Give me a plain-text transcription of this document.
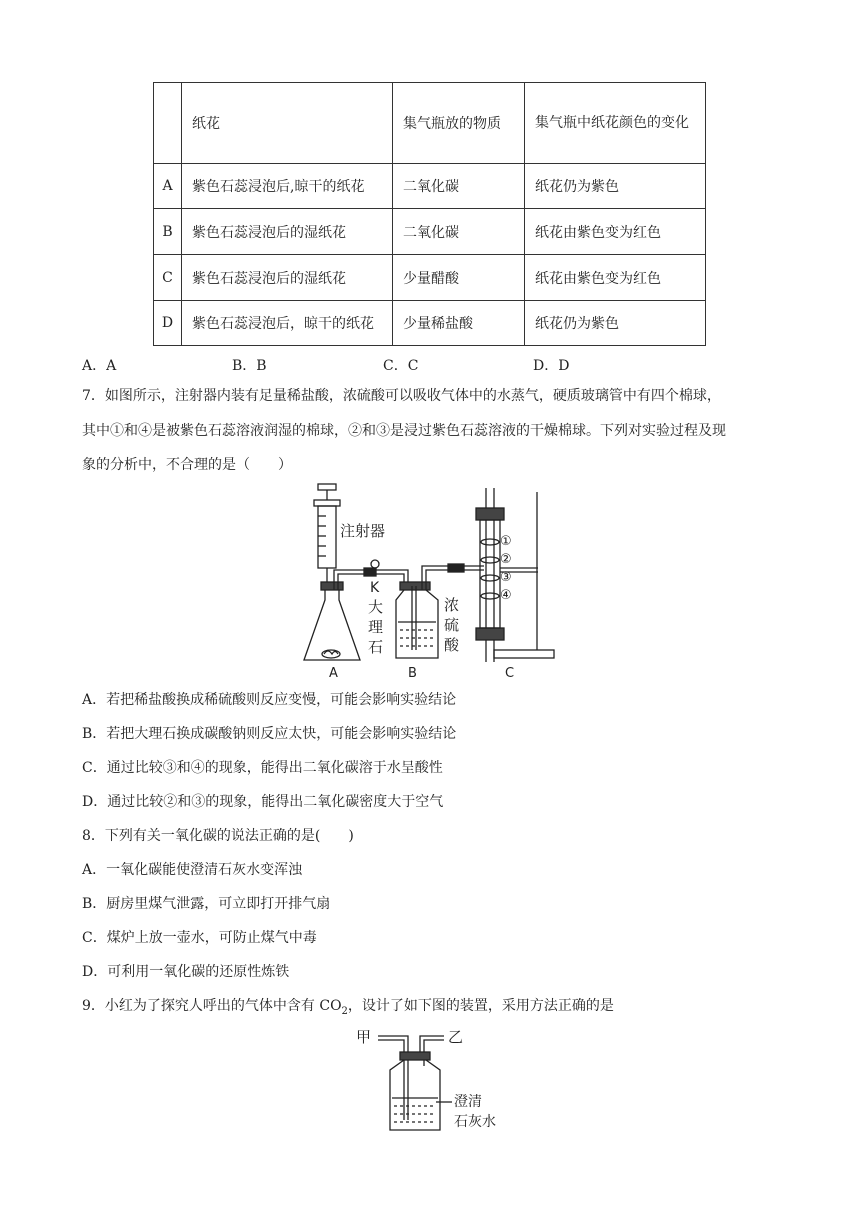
	纸花	集气瓶放的物质	集气瓶中纸花颜色的变化
A	紫色石蕊浸泡后,晾干的纸花	二氧化碳	纸花仍为紫色
B	紫色石蕊浸泡后的湿纸花	二氧化碳	纸花由紫色变为红色
C	紫色石蕊浸泡后的湿纸花	少量醋酸	纸花由紫色变为红色
D	紫色石蕊浸泡后，晾干的纸花	少量稀盐酸	纸花仍为紫色
A．A	B．B	C．C	D．D
7．如图所示，注射器内装有足量稀盐酸，浓硫酸可以吸收气体中的水蒸气，硬质玻璃管中有四个棉球，
其中①和④是被紫色石蕊溶液润湿的棉球，②和③是浸过紫色石蕊溶液的干燥棉球。下列对实验过程及现
象的分析中，不合理的是（　　）
注射器
K
大
理
石
浓
硫
酸
①
②
③
④
A	B	C
A．若把稀盐酸换成稀硫酸则反应变慢，可能会影响实验结论
B．若把大理石换成碳酸钠则反应太快，可能会影响实验结论
C．通过比较③和④的现象，能得出二氧化碳溶于水呈酸性
D．通过比较②和③的现象，能得出二氧化碳密度大于空气
8．下列有关一氧化碳的说法正确的是(　　)
A．一氧化碳能使澄清石灰水变浑浊
B．厨房里煤气泄露，可立即打开排气扇
C．煤炉上放一壶水，可防止煤气中毒
D．可利用一氧化碳的还原性炼铁
9．小红为了探究人呼出的气体中含有 $CO_2$，设计了如下图的装置，采用方法正确的是
甲	乙
澄清
石灰水
